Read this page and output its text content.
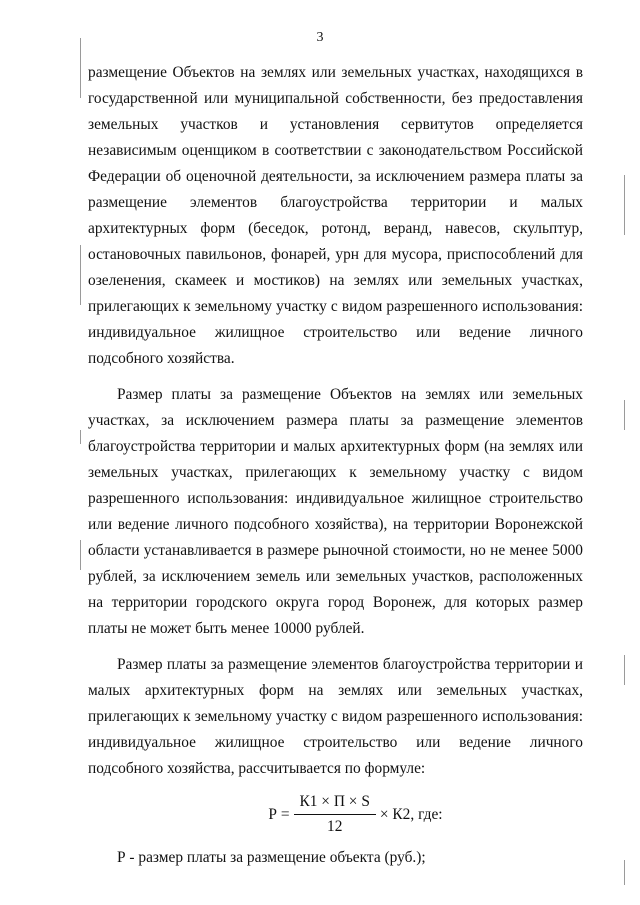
3

размещение Объектов на землях или земельных участках, находящихся в государственной или муниципальной собственности, без предоставления земельных участков и установления сервитутов определяется независимым оценщиком в соответствии с законодательством Российской Федерации об оценочной деятельности, за исключением размера платы за размещение элементов благоустройства территории и малых архитектурных форм (беседок, ротонд, веранд, навесов, скульптур, остановочных павильонов, фонарей, урн для мусора, приспособлений для озеленения, скамеек и мостиков) на землях или земельных участках, прилегающих к земельному участку с видом разрешенного использования: индивидуальное жилищное строительство или ведение личного подсобного хозяйства.

Размер платы за размещение Объектов на землях или земельных участках, за исключением размера платы за размещение элементов благоустройства территории и малых архитектурных форм (на землях или земельных участках, прилегающих к земельному участку с видом разрешенного использования: индивидуальное жилищное строительство или ведение личного подсобного хозяйства), на территории Воронежской области устанавливается в размере рыночной стоимости, но не менее 5000 рублей, за исключением земель или земельных участков, расположенных на территории городского округа город Воронеж, для которых размер платы не может быть менее 10000 рублей.

Размер платы за размещение элементов благоустройства территории и малых архитектурных форм на землях или земельных участках, прилегающих к земельному участку с видом разрешенного использования: индивидуальное жилищное строительство или ведение личного подсобного хозяйства, рассчитывается по формуле:

$Р = \frac{К1 \times П \times S}{12} \times К2$ , где:

Р - размер платы за размещение объекта (руб.);
